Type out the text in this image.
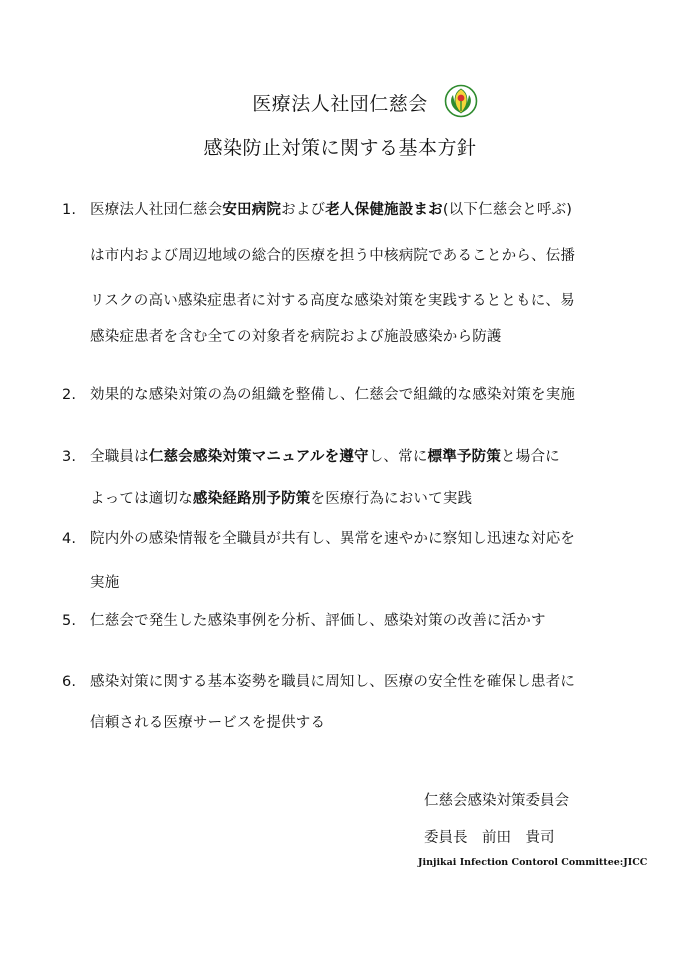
医療法人社団仁慈会
感染防止対策に関する基本方針
1. 医療法人社団仁慈会安田病院および老人保健施設まお(以下仁慈会と呼ぶ)
は市内および周辺地域の総合的医療を担う中核病院であることから、伝播
リスクの高い感染症患者に対する高度な感染対策を実践するとともに、易
感染症患者を含む全ての対象者を病院および施設感染から防護
2. 効果的な感染対策の為の組織を整備し、仁慈会で組織的な感染対策を実施
3. 全職員は仁慈会感染対策マニュアルを遵守し、常に標準予防策と場合に
よっては適切な感染経路別予防策を医療行為において実践
4. 院内外の感染情報を全職員が共有し、異常を速やかに察知し迅速な対応を
実施
5. 仁慈会で発生した感染事例を分析、評価し、感染対策の改善に活かす
6. 感染対策に関する基本姿勢を職員に周知し、医療の安全性を確保し患者に
信頼される医療サービスを提供する
仁慈会感染対策委員会
委員長　前田　貴司
Jinjikai Infection Contorol Committee:JICC
